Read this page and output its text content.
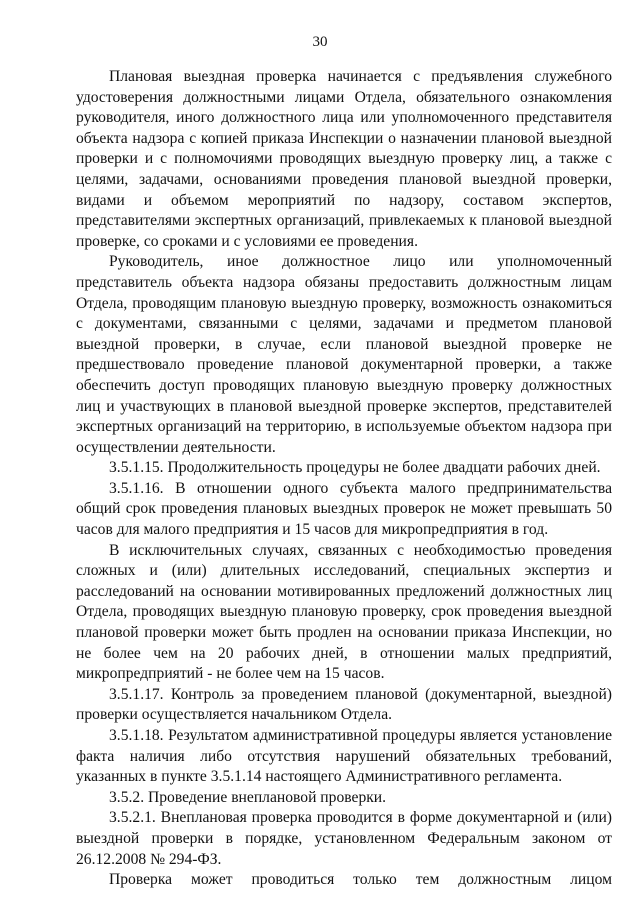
30

Плановая выездная проверка начинается с предъявления служебного удостоверения должностными лицами Отдела, обязательного ознакомления руководителя, иного должностного лица или уполномоченного представителя объекта надзора с копией приказа Инспекции о назначении плановой выездной проверки и с полномочиями проводящих выездную проверку лиц, а также с целями, задачами, основаниями проведения плановой выездной проверки, видами и объемом мероприятий по надзору, составом экспертов, представителями экспертных организаций, привлекаемых к плановой выездной проверке, со сроками и с условиями ее проведения.

Руководитель, иное должностное лицо или уполномоченный представитель объекта надзора обязаны предоставить должностным лицам Отдела, проводящим плановую выездную проверку, возможность ознакомиться с документами, связанными с целями, задачами и предметом плановой выездной проверки, в случае, если плановой выездной проверке не предшествовало проведение плановой документарной проверки, а также обеспечить доступ проводящих плановую выездную проверку должностных лиц и участвующих в плановой выездной проверке экспертов, представителей экспертных организаций на территорию, в используемые объектом надзора при осуществлении деятельности.

3.5.1.15. Продолжительность процедуры не более двадцати рабочих дней.

3.5.1.16. В отношении одного субъекта малого предпринимательства общий срок проведения плановых выездных проверок не может превышать 50 часов для малого предприятия и 15 часов для микропредприятия в год.

В исключительных случаях, связанных с необходимостью проведения сложных и (или) длительных исследований, специальных экспертиз и расследований на основании мотивированных предложений должностных лиц Отдела, проводящих выездную плановую проверку, срок проведения выездной плановой проверки может быть продлен на основании приказа Инспекции, но не более чем на 20 рабочих дней, в отношении малых предприятий, микропредприятий - не более чем на 15 часов.

3.5.1.17. Контроль за проведением плановой (документарной, выездной) проверки осуществляется начальником Отдела.

3.5.1.18. Результатом административной процедуры является установление факта наличия либо отсутствия нарушений обязательных требований, указанных в пункте 3.5.1.14 настоящего Административного регламента.

3.5.2. Проведение внеплановой проверки.

3.5.2.1. Внеплановая проверка проводится в форме документарной и (или) выездной проверки в порядке, установленном Федеральным законом от 26.12.2008 № 294-ФЗ.

Проверка может проводиться только тем должностным лицом
